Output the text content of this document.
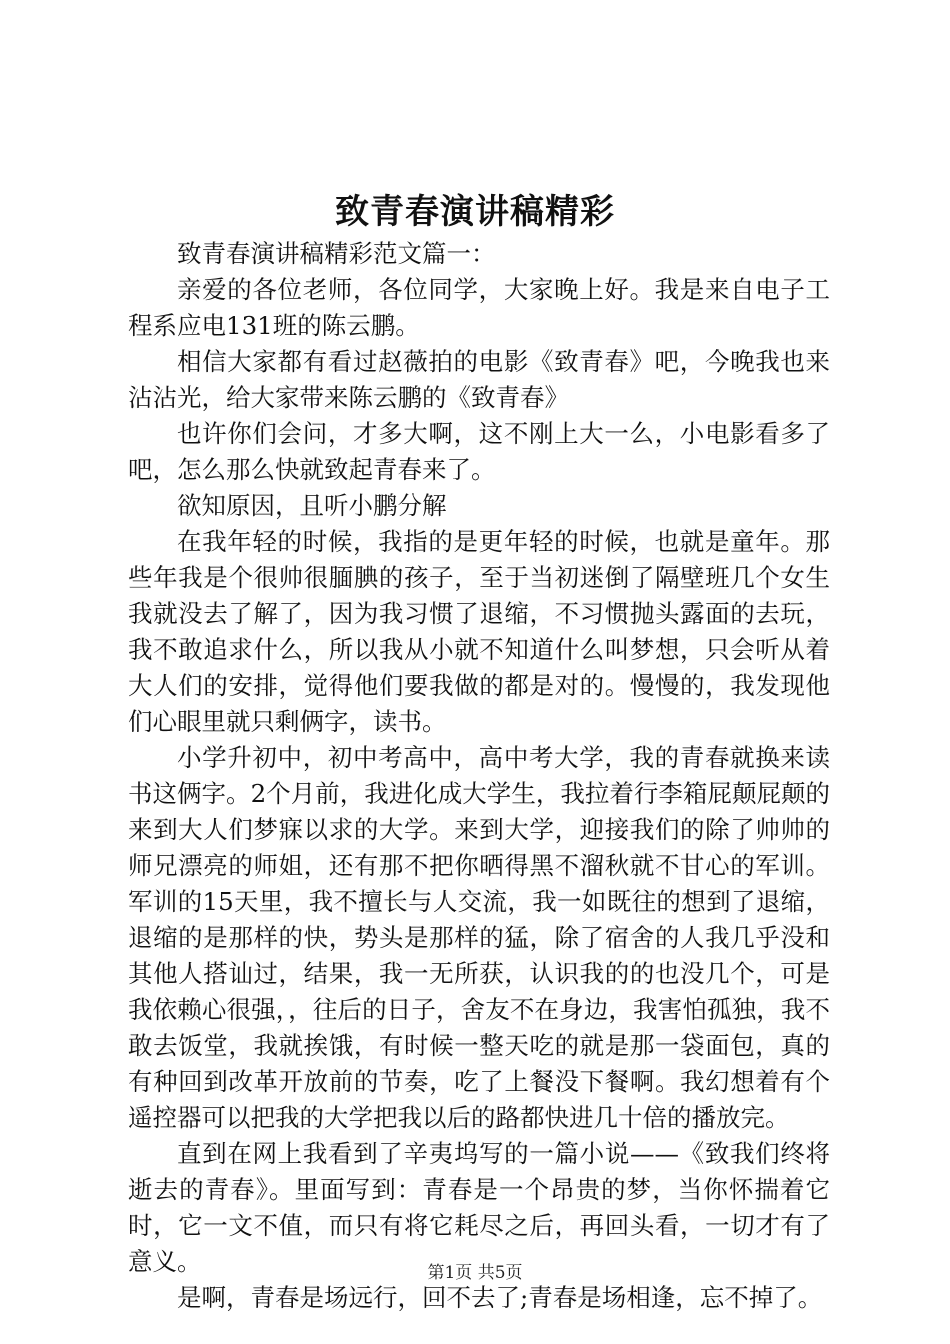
致青春演讲稿精彩

致青春演讲稿精彩范文篇一：

亲爱的各位老师，各位同学，大家晚上好。我是来自电子工程系应电131班的陈云鹏。

相信大家都有看过赵薇拍的电影《致青春》吧，今晚我也来沾沾光，给大家带来陈云鹏的《致青春》

也许你们会问，才多大啊，这不刚上大一么，小电影看多了吧，怎么那么快就致起青春来了。

欲知原因，且听小鹏分解

在我年轻的时候，我指的是更年轻的时候，也就是童年。那些年我是个很帅很腼腆的孩子，至于当初迷倒了隔壁班几个女生我就没去了解了，因为我习惯了退缩，不习惯抛头露面的去玩，我不敢追求什么，所以我从小就不知道什么叫梦想，只会听从着大人们的安排，觉得他们要我做的都是对的。慢慢的，我发现他们心眼里就只剩俩字，读书。

小学升初中，初中考高中，高中考大学，我的青春就换来读书这俩字。2个月前，我进化成大学生，我拉着行李箱屁颠屁颠的来到大人们梦寐以求的大学。来到大学，迎接我们的除了帅帅的师兄漂亮的师姐，还有那不把你晒得黑不溜秋就不甘心的军训。军训的15天里，我不擅长与人交流，我一如既往的想到了退缩，退缩的是那样的快，势头是那样的猛，除了宿舍的人我几乎没和其他人搭讪过，结果，我一无所获，认识我的的也没几个，可是我依赖心很强，，往后的日子，舍友不在身边，我害怕孤独，我不敢去饭堂，我就挨饿，有时候一整天吃的就是那一袋面包，真的有种回到改革开放前的节奏，吃了上餐没下餐啊。我幻想着有个遥控器可以把我的大学把我以后的路都快进几十倍的播放完。

直到在网上我看到了辛夷坞写的一篇小说——《致我们终将逝去的青春》。里面写到：青春是一个昂贵的梦，当你怀揣着它时，它一文不值，而只有将它耗尽之后，再回头看，一切才有了意义。

是啊，青春是场远行，回不去了;青春是场相逢，忘不掉了。

第1页 共5页
